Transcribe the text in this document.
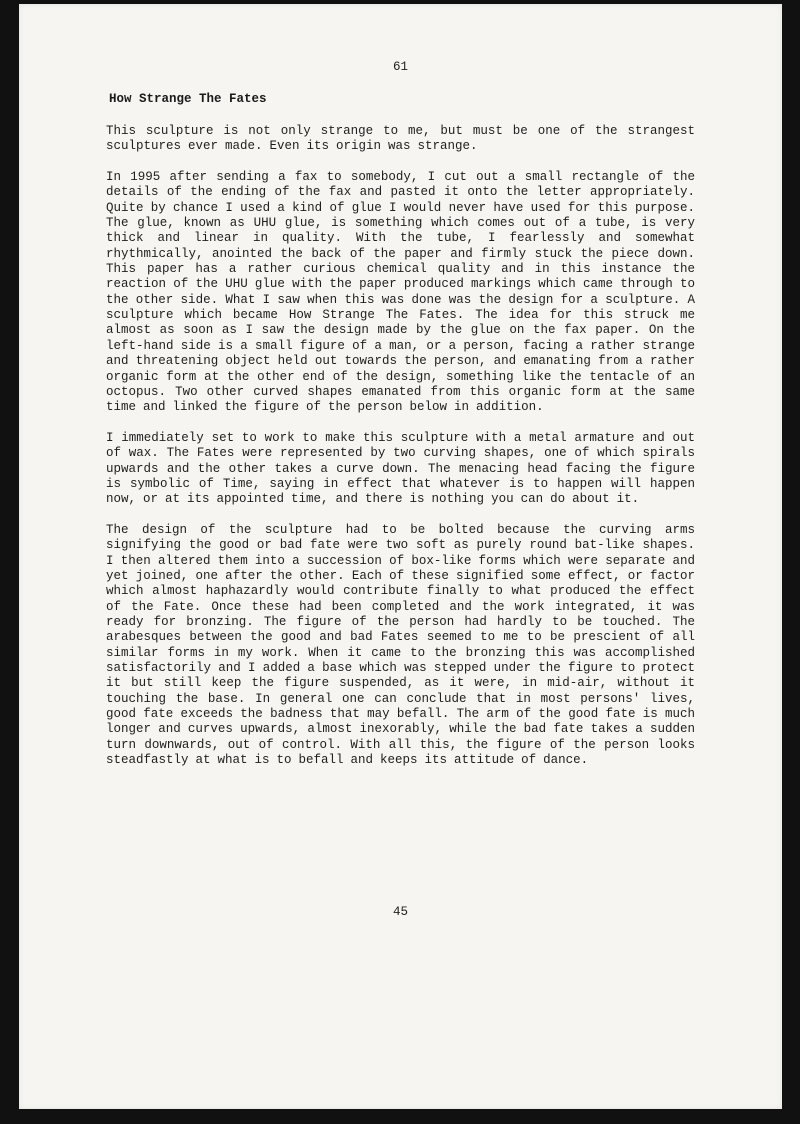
61
How Strange The Fates

This sculpture is not only strange to me, but must be one of the strangest sculptures ever made. Even its origin was strange.

In 1995 after sending a fax to somebody, I cut out a small rectangle of the details of the ending of the fax and pasted it onto the letter appropriately. Quite by chance I used a kind of glue I would never have used for this purpose. The glue, known as UHU glue, is something which comes out of a tube, is very thick and linear in quality. With the tube, I fearlessly and somewhat rhythmically, anointed the back of the paper and firmly stuck the piece down. This paper has a rather curious chemical quality and in this instance the reaction of the UHU glue with the paper produced markings which came through to the other side. What I saw when this was done was the design for a sculpture. A sculpture which became How Strange The Fates. The idea for this struck me almost as soon as I saw the design made by the glue on the fax paper. On the left-hand side is a small figure of a man, or a person, facing a rather strange and threatening object held out towards the person, and emanating from a rather organic form at the other end of the design, something like the tentacle of an octopus. Two other curved shapes emanated from this organic form at the same time and linked the figure of the person below in addition.

I immediately set to work to make this sculpture with a metal armature and out of wax. The Fates were represented by two curving shapes, one of which spirals upwards and the other takes a curve down. The menacing head facing the figure is symbolic of Time, saying in effect that whatever is to happen will happen now, or at its appointed time, and there is nothing you can do about it.

The design of the sculpture had to be bolted because the curving arms signifying the good or bad fate were two soft as purely round bat-like shapes. I then altered them into a succession of box-like forms which were separate and yet joined, one after the other. Each of these signified some effect, or factor which almost haphazardly would contribute finally to what produced the effect of the Fate. Once these had been completed and the work integrated, it was ready for bronzing. The figure of the person had hardly to be touched. The arabesques between the good and bad Fates seemed to me to be prescient of all similar forms in my work. When it came to the bronzing this was accomplished satisfactorily and I added a base which was stepped under the figure to protect it but still keep the figure suspended, as it were, in mid-air, without it touching the base. In general one can conclude that in most persons' lives, good fate exceeds the badness that may befall. The arm of the good fate is much longer and curves upwards, almost inexorably, while the bad fate takes a sudden turn downwards, out of control. With all this, the figure of the person looks steadfastly at what is to befall and keeps its attitude of dance.

45
